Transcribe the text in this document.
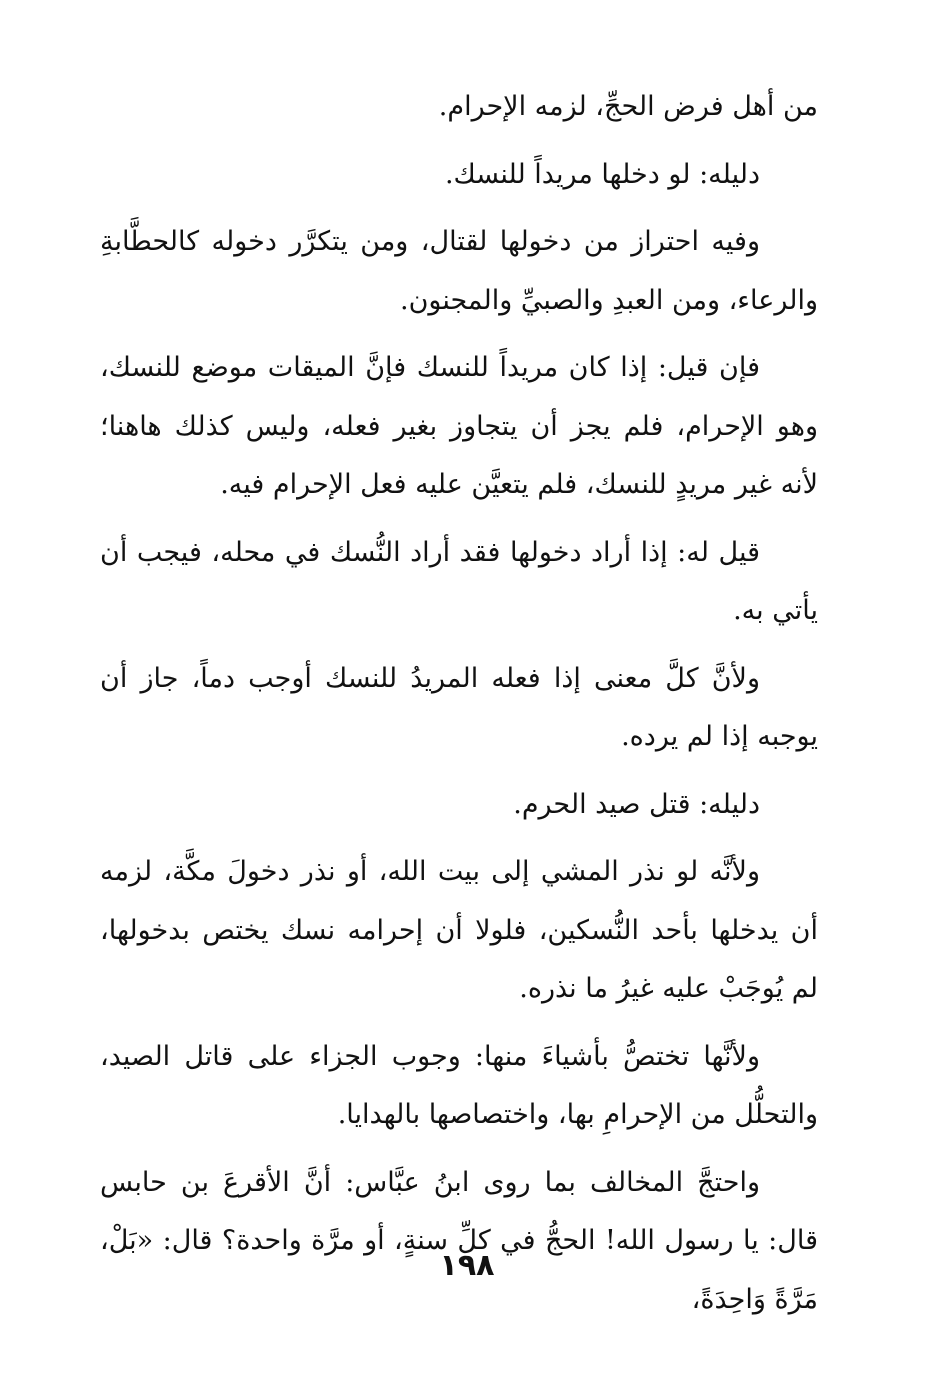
من أهل فرض الحجِّ، لزمه الإحرام.

دليله: لو دخلها مريداً للنسك.

وفيه احتراز من دخولها لقتال، ومن يتكرَّر دخوله كالحطَّابةِ والرعاء، ومن العبدِ والصبيِّ والمجنون.

فإن قيل: إذا كان مريداً للنسك فإنَّ الميقات موضع للنسك، وهو الإحرام، فلم يجز أن يتجاوز بغير فعله، وليس كذلك هاهنا؛ لأنه غير مريدٍ للنسك، فلم يتعيَّن عليه فعل الإحرام فيه.

قيل له: إذا أراد دخولها فقد أراد النُّسك في محله، فيجب أن يأتي به.

ولأنَّ كلَّ معنى إذا فعله المريدُ للنسك أوجب دماً، جاز أن يوجبه إذا لم يرده.

دليله: قتل صيد الحرم.

ولأنَّه لو نذر المشي إلى بيت الله، أو نذر دخولَ مكَّة، لزمه أن يدخلها بأحد النُّسكين، فلولا أن إحرامه نسك يختص بدخولها، لم يُوجَبْ عليه غيرُ ما نذره.

ولأنَّها تختصُّ بأشياءَ منها: وجوب الجزاء على قاتل الصيد، والتحلُّل من الإحرامِ بها، واختصاصها بالهدايا.

واحتجَّ المخالف بما روى ابنُ عبَّاس: أنَّ الأقرعَ بن حابس قال: يا رسول الله! الحجُّ في كلِّ سنةٍ، أو مرَّة واحدة؟ قال: «بَلْ، مَرَّةً وَاحِدَةً،

١٩٨
